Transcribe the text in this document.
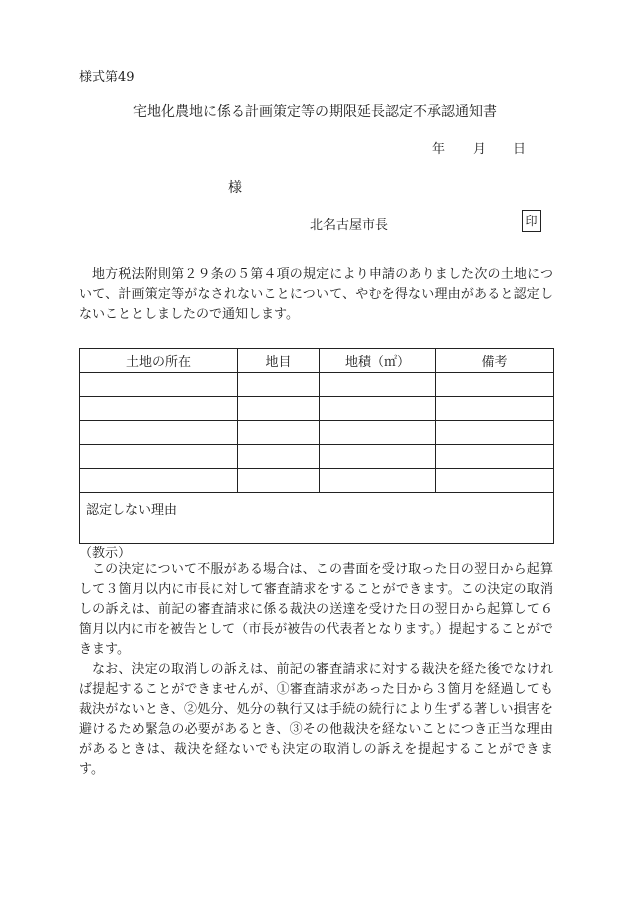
様式第49
宅地化農地に係る計画策定等の期限延長認定不承認通知書
年 月 日
様
北名古屋市長	印

地方税法附則第２９条の５第４項の規定により申請のありました次の土地について、計画策定等がなされないことについて、やむを得ない理由があると認定しないこととしましたので通知します。

土地の所在	地目	地積（㎡）	備考

認定しない理由			
（教示）

この決定について不服がある場合は、この書面を受け取った日の翌日から起算して３箇月以内に市長に対して審査請求をすることができます。この決定の取消しの訴えは、前記の審査請求に係る裁決の送達を受けた日の翌日から起算して６箇月以内に市を被告として（市長が被告の代表者となります。）提起することができます。

なお、決定の取消しの訴えは、前記の審査請求に対する裁決を経た後でなければ提起することができませんが、①審査請求があった日から３箇月を経過しても裁決がないとき、②処分、処分の執行又は手続の続行により生ずる著しい損害を避けるため緊急の必要があるとき、③その他裁決を経ないことにつき正当な理由があるときは、裁決を経ないでも決定の取消しの訴えを提起することができます。
